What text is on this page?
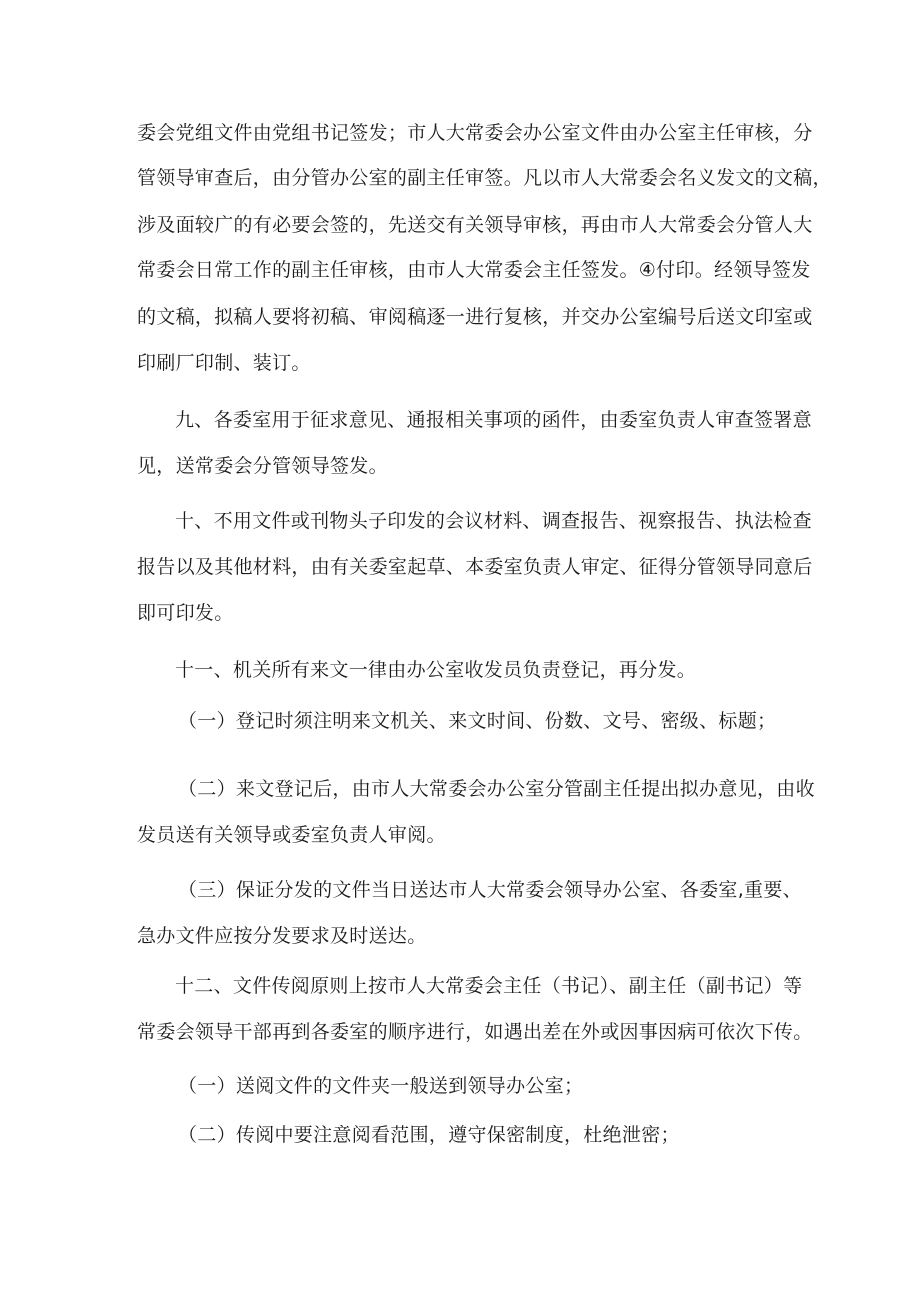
委会党组文件由党组书记签发；市人大常委会办公室文件由办公室主任审核，分

管领导审查后，由分管办公室的副主任审签。凡以市人大常委会名义发文的文稿，

涉及面较广的有必要会签的，先送交有关领导审核，再由市人大常委会分管人大

常委会日常工作的副主任审核，由市人大常委会主任签发。④付印。经领导签发

的文稿，拟稿人要将初稿、审阅稿逐一进行复核，并交办公室编号后送文印室或

印刷厂印制、装订。

九、各委室用于征求意见、通报相关事项的函件，由委室负责人审查签署意

见，送常委会分管领导签发。

十、不用文件或刊物头子印发的会议材料、调查报告、视察报告、执法检查

报告以及其他材料，由有关委室起草、本委室负责人审定、征得分管领导同意后

即可印发。

十一、机关所有来文一律由办公室收发员负责登记，再分发。

（一）登记时须注明来文机关、来文时间、份数、文号、密级、标题；

（二）来文登记后，由市人大常委会办公室分管副主任提出拟办意见，由收

发员送有关领导或委室负责人审阅。

（三）保证分发的文件当日送达市人大常委会领导办公室、各委室,重要、

急办文件应按分发要求及时送达。

十二、文件传阅原则上按市人大常委会主任（书记）、副主任（副书记）等

常委会领导干部再到各委室的顺序进行，如遇出差在外或因事因病可依次下传。

（一）送阅文件的文件夹一般送到领导办公室；

（二）传阅中要注意阅看范围，遵守保密制度，杜绝泄密；
